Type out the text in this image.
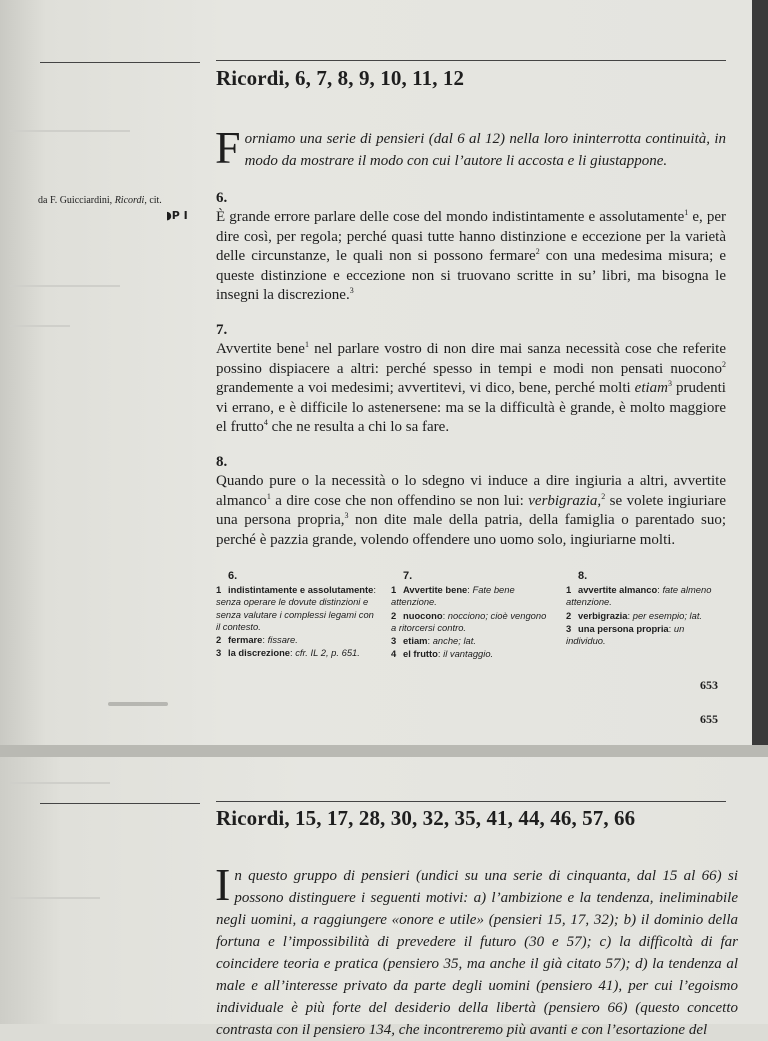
Ricordi, 6, 7, 8, 9, 10, 11, 12
Forniamo una serie di pensieri (dal 6 al 12) nella loro ininterrotta continuità, in modo da mostrare il modo con cui l’autore li accosta e li giustappone.
da F. Guicciardini, Ricordi, cit.
◗P I
6.
È grande errore parlare delle cose del mondo indistintamente e assolutamente$^1$ e, per dire così, per regola; perché quasi tutte hanno distinzione e eccezione per la varietà delle circunstanze, le quali non si possono fermare$^2$ con una medesima misura; e queste distinzione e eccezione non si truovano scritte in su’ libri, ma bisogna le insegni la discrezione.$^3$
7.
Avvertite bene$^1$ nel parlare vostro di non dire mai sanza necessità cose che referite possino dispiacere a altri: perché spesso in tempi e modi non pensati nuocono$^2$ grandemente a voi medesimi; avvertitevi, vi dico, bene, perché molti etiam$^3$ prudenti vi errano, e è difficile lo astenersene: ma se la difficultà è grande, è molto maggiore el frutto$^4$ che ne resulta a chi lo sa fare.
8.
Quando pure o la necessità o lo sdegno vi induce a dire ingiuria a altri, avvertite almanco$^1$ a dire cose che non offendino se non lui: verbigrazia,$^2$ se volete ingiuriare una persona propria,$^3$ non dite male della patria, della famiglia o parentado suo; perché è pazzia grande, volendo offendere uno uomo solo, ingiuriarne molti.
6.
1 indistintamente e assolutamente: senza operare le dovute distinzioni e senza valutare i complessi legami con il contesto.
2 fermare: fissare.
3 la discrezione: cfr. IL 2, p. 651.
7.
1 Avvertite bene: Fate bene attenzione.
2 nuocono: nocciono; cioè vengono a ritorcersi contro.
3 etiam: anche; lat.
4 el frutto: il vantaggio.
8.
1 avvertite almanco: fate almeno attenzione.
2 verbigrazia: per esempio; lat.
3 una persona propria: un individuo.
653
655
Ricordi, 15, 17, 28, 30, 32, 35, 41, 44, 46, 57, 66
In questo gruppo di pensieri (undici su una serie di cinquanta, dal 15 al 66) si possono distinguere i seguenti motivi: a) l’ambizione e la tendenza, ineliminabile negli uomini, a raggiungere «onore e utile» (pensieri 15, 17, 32); b) il dominio della fortuna e l’impossibilità di prevedere il futuro (30 e 57); c) la difficoltà di far coincidere teoria e pratica (pensiero 35, ma anche il già citato 57); d) la tendenza al male e all’interesse privato da parte degli uomini (pensiero 41), per cui l’egoismo individuale è più forte del desiderio della libertà (pensiero 66) (questo concetto contrasta con il pensiero 134, che incontreremo più avanti e con l’esortazione del
